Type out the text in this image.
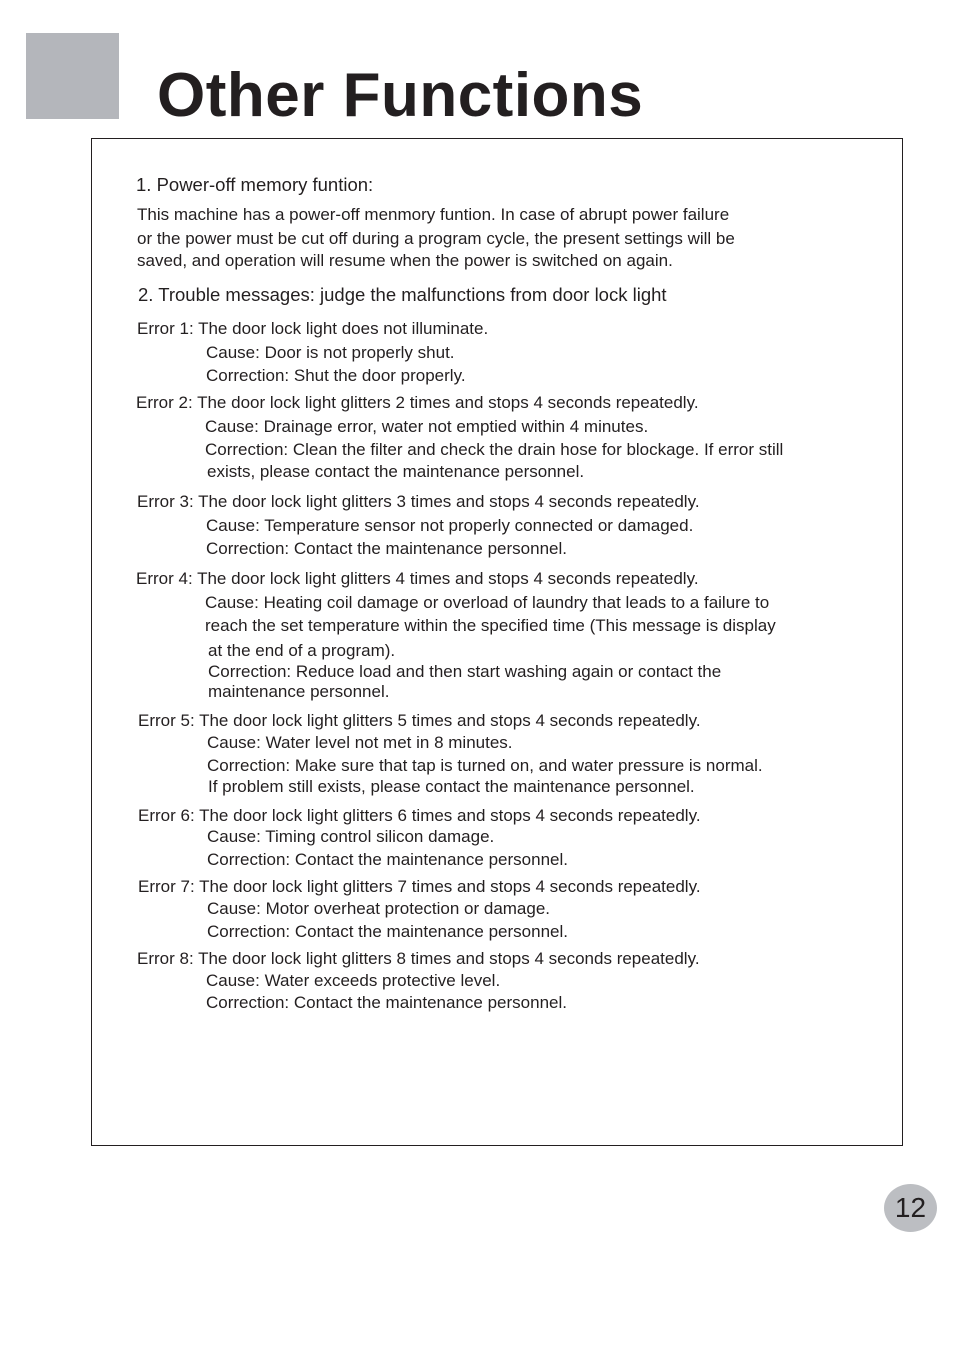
Other Functions

1. Power-off memory funtion:

This machine has a power-off menmory funtion. In case of abrupt power failure

or the power must be cut off during a program cycle, the present settings will be

saved, and operation will resume when the power is switched on again.

2. Trouble messages: judge the malfunctions from door lock light

Error 1: The door lock light does not illuminate.

Cause: Door is not properly shut.

Correction: Shut the door properly.

Error 2: The door lock light glitters 2 times and stops 4 seconds repeatedly.

Cause: Drainage error, water not emptied within 4 minutes.

Correction: Clean the filter and check the drain hose for blockage. If error still

exists, please contact the maintenance personnel.

Error 3: The door lock light glitters 3 times and stops 4 seconds repeatedly.

Cause: Temperature sensor not properly connected or damaged.

Correction: Contact the maintenance personnel.

Error 4: The door lock light glitters 4 times and stops 4 seconds repeatedly.

Cause: Heating coil damage or overload of laundry that leads to a failure to

reach the set temperature within the specified time (This message is display

at the end of a program).

Correction: Reduce load and then start washing again or contact the

maintenance personnel.

Error 5: The door lock light glitters 5 times and stops 4 seconds repeatedly.

Cause: Water level not met in 8 minutes.

Correction: Make sure that tap is turned on, and water pressure is normal.

If problem still exists, please contact the maintenance personnel.

Error 6: The door lock light glitters 6 times and stops 4 seconds repeatedly.

Cause: Timing control silicon damage.

Correction: Contact the maintenance personnel.

Error 7: The door lock light glitters 7 times and stops 4 seconds repeatedly.

Cause: Motor overheat protection or damage.

Correction: Contact the maintenance personnel.

Error 8: The door lock light glitters 8 times and stops 4 seconds repeatedly.

Cause: Water exceeds protective level.

Correction: Contact the maintenance personnel.

12
